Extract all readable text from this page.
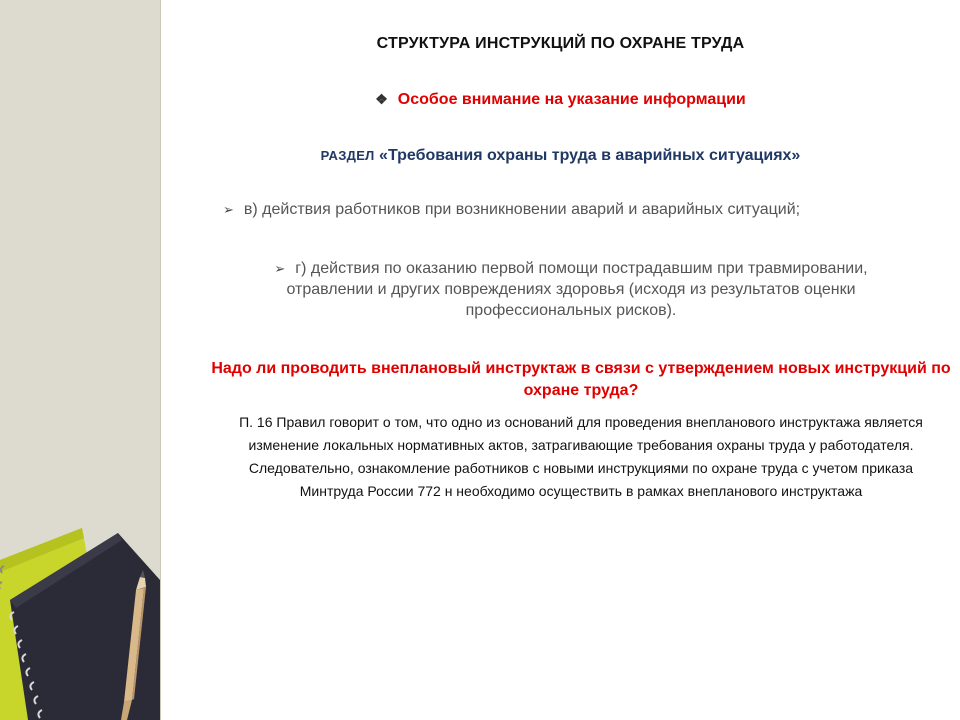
СТРУКТУРА ИНСТРУКЦИЙ ПО ОХРАНЕ ТРУДА
❖ Особое внимание на указание информации
РАЗДЕЛ «Требования охраны труда в аварийных ситуациях»
➢ в) действия работников при возникновении аварий и аварийных ситуаций;
➢ г) действия по оказанию первой помощи пострадавшим при травмировании, отравлении и других повреждениях здоровья (исходя из результатов оценки профессиональных рисков).
Надо ли проводить внеплановый инструктаж в связи с утверждением новых инструкций по охране труда?
П. 16 Правил говорит о том, что одно из оснований для проведения внепланового инструктажа является изменение локальных нормативных актов, затрагивающие требования охраны труда у работодателя. Следовательно, ознакомление работников с новыми инструкциями по охране труда с учетом приказа Минтруда России 772 н необходимо осуществить в рамках внепланового инструктажа
